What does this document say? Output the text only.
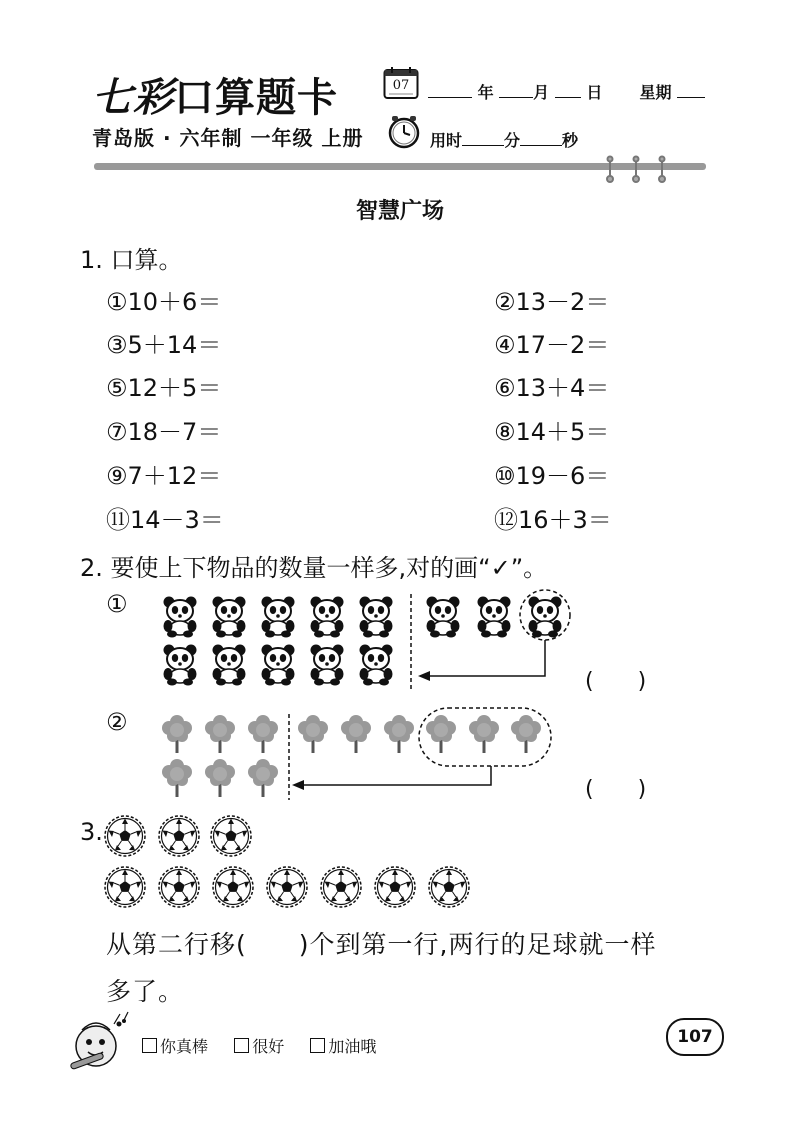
七彩口算题卡	07	年 月 日 星期
青岛版 · 六年制 一年级 上册	用时	分	秒
智慧广场
1. 口算。
①10＋6＝	②13－2＝
③5＋14＝	④17－2＝
⑤12＋5＝	⑥13＋4＝
⑦18－7＝	⑧14＋5＝
⑨7＋12＝	⑩19－6＝
⑪14－3＝	⑫16＋3＝
2. 要使上下物品的数量一样多,对的画“✓”。
①
②
(　　)
(　　)
3.
从第二行移(　　)个到第一行,两行的足球就一样
多了。
你真棒	很好	加油哦	107
